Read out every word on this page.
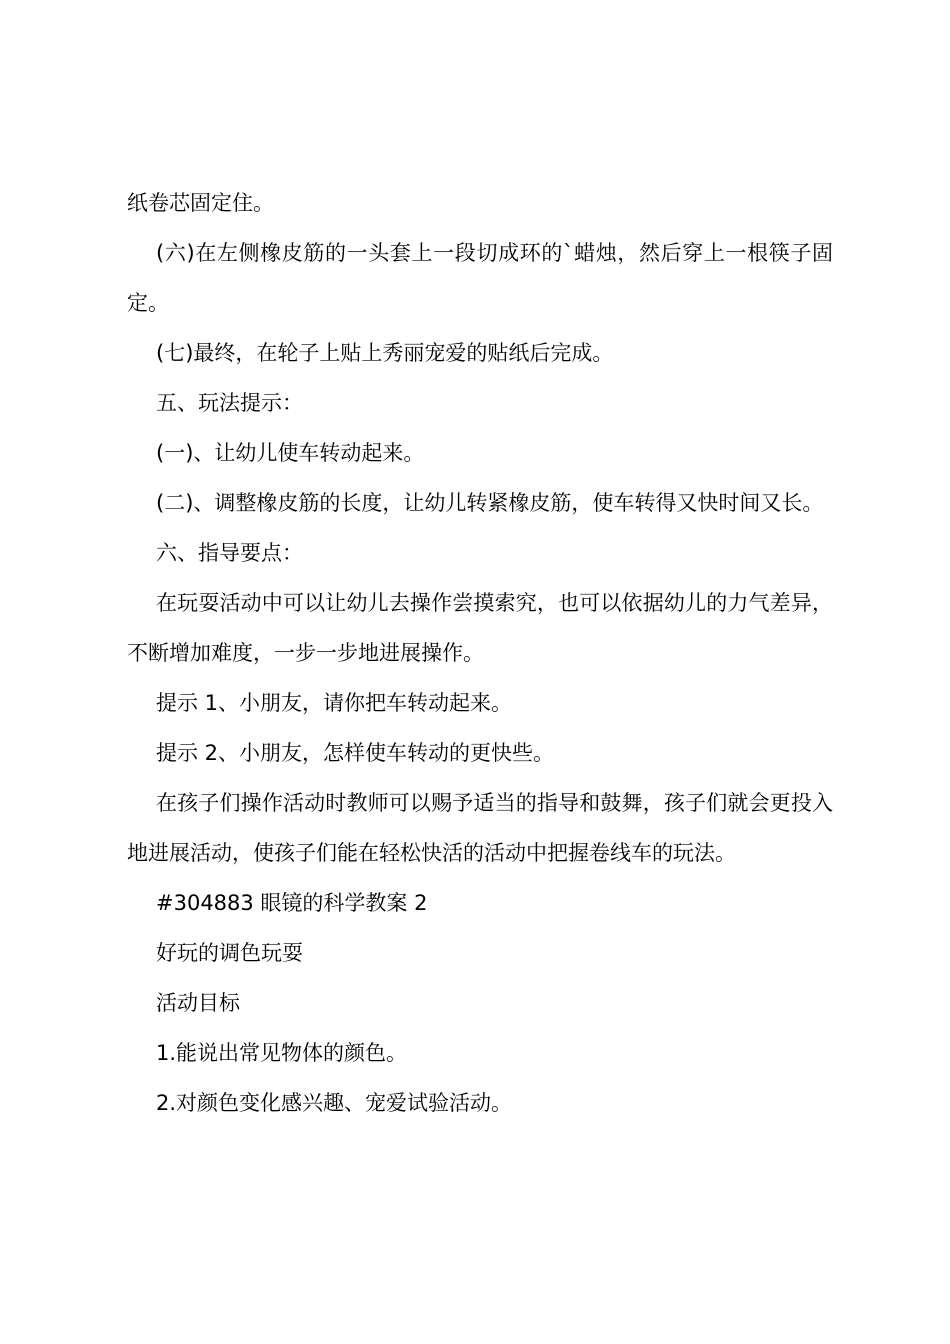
纸卷芯固定住。

(六)在左侧橡皮筋的一头套上一段切成环的`蜡烛，然后穿上一根筷子固定。

(七)最终，在轮子上贴上秀丽宠爱的贴纸后完成。

五、玩法提示：

(一)、让幼儿使车转动起来。

(二)、调整橡皮筋的长度，让幼儿转紧橡皮筋，使车转得又快时间又长。

六、指导要点：

在玩耍活动中可以让幼儿去操作尝摸索究，也可以依据幼儿的力气差异，不断增加难度，一步一步地进展操作。

提示 1、小朋友，请你把车转动起来。

提示 2、小朋友，怎样使车转动的更快些。

在孩子们操作活动时教师可以赐予适当的指导和鼓舞，孩子们就会更投入地进展活动，使孩子们能在轻松快活的活动中把握卷线车的玩法。

#304883 眼镜的科学教案 2

好玩的调色玩耍

活动目标

1.能说出常见物体的颜色。

2.对颜色变化感兴趣、宠爱试验活动。
